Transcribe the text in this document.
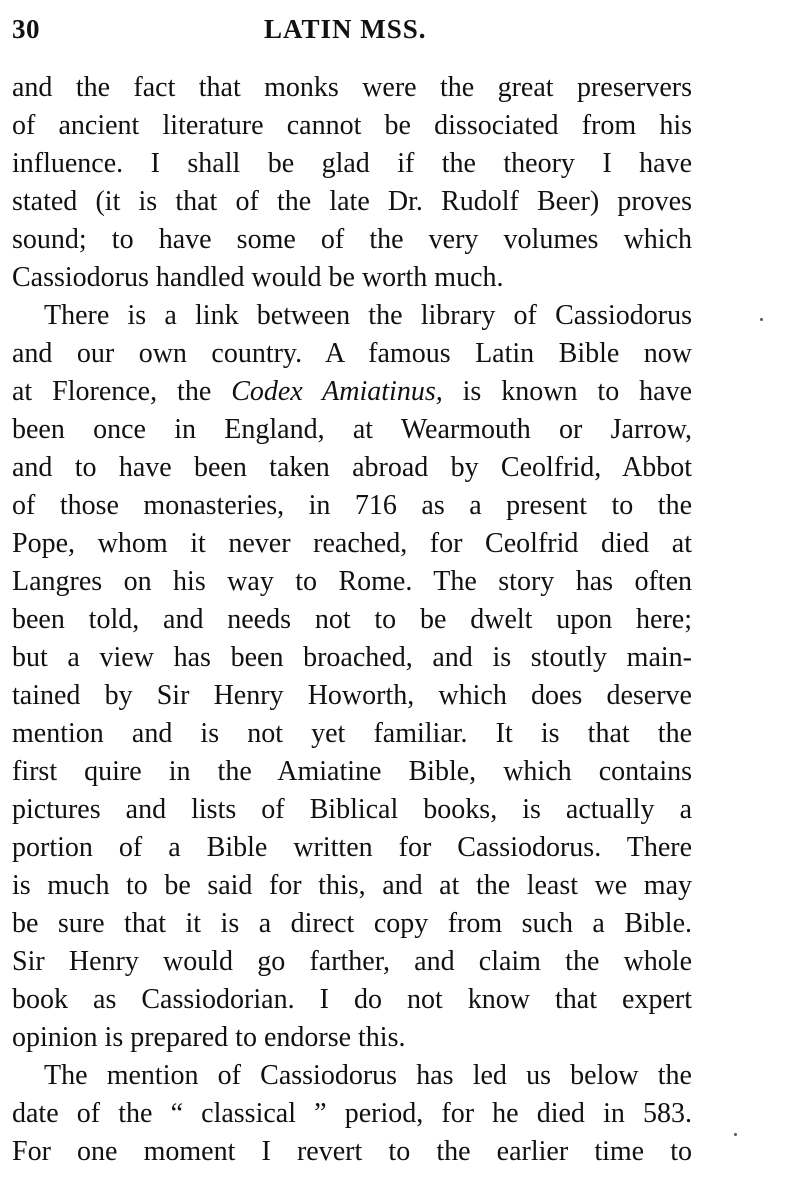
30	LATIN MSS.
and the fact that monks were the great preservers
of ancient literature cannot be dissociated from his
influence. I shall be glad if the theory I have
stated (it is that of the late Dr. Rudolf Beer) proves
sound; to have some of the very volumes which
Cassiodorus handled would be worth much.
There is a link between the library of Cassiodorus
and our own country. A famous Latin Bible now
at Florence, the Codex Amiatinus, is known to have
been once in England, at Wearmouth or Jarrow,
and to have been taken abroad by Ceolfrid, Abbot
of those monasteries, in 716 as a present to the
Pope, whom it never reached, for Ceolfrid died at
Langres on his way to Rome. The story has often
been told, and needs not to be dwelt upon here;
but a view has been broached, and is stoutly main-
tained by Sir Henry Howorth, which does deserve
mention and is not yet familiar. It is that the
first quire in the Amiatine Bible, which contains
pictures and lists of Biblical books, is actually a
portion of a Bible written for Cassiodorus. There
is much to be said for this, and at the least we may
be sure that it is a direct copy from such a Bible.
Sir Henry would go farther, and claim the whole
book as Cassiodorian. I do not know that expert
opinion is prepared to endorse this.
The mention of Cassiodorus has led us below the
date of the “ classical ” period, for he died in 583.
For one moment I revert to the earlier time to
